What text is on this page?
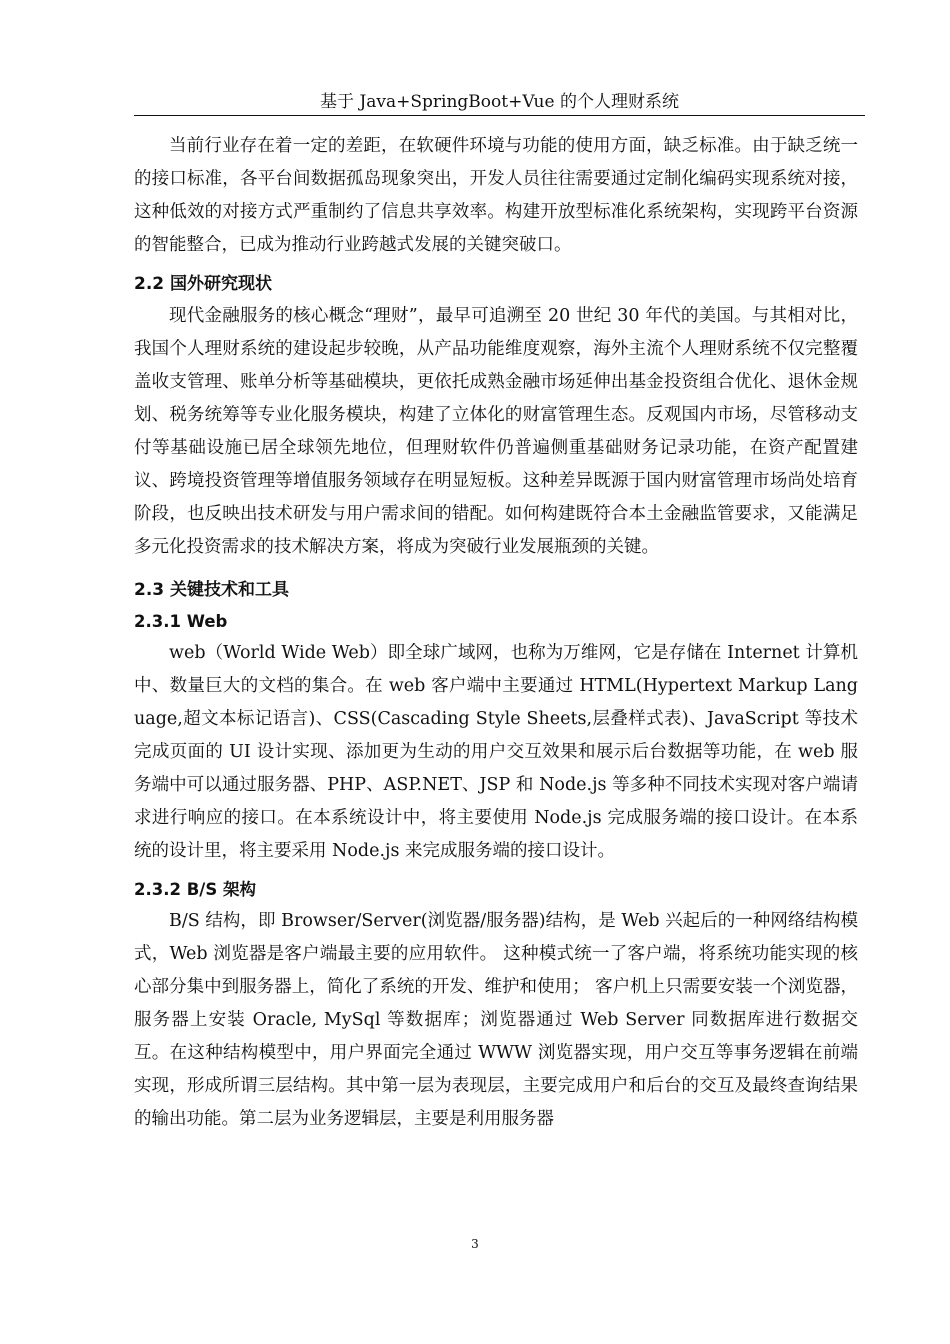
基于 Java+SpringBoot+Vue 的个人理财系统

当前行业存在着一定的差距，在软硬件环境与功能的使用方面，缺乏标准。由于缺乏统一的接口标准，各平台间数据孤岛现象突出，开发人员往往需要通过定制化编码实现系统对接，这种低效的对接方式严重制约了信息共享效率。构建开放型标准化系统架构，实现跨平台资源的智能整合，已成为推动行业跨越式发展的关键突破口。

2.2 国外研究现状

现代金融服务的核心概念“理财”，最早可追溯至 20 世纪 30 年代的美国。与其相对比，我国个人理财系统的建设起步较晚，从产品功能维度观察，海外主流个人理财系统不仅完整覆盖收支管理、账单分析等基础模块，更依托成熟金融市场延伸出基金投资组合优化、退休金规划、税务统筹等专业化服务模块，构建了立体化的财富管理生态。反观国内市场，尽管移动支付等基础设施已居全球领先地位，但理财软件仍普遍侧重基础财务记录功能，在资产配置建议、跨境投资管理等增值服务领域存在明显短板。这种差异既源于国内财富管理市场尚处培育阶段，也反映出技术研发与用户需求间的错配。如何构建既符合本土金融监管要求，又能满足多元化投资需求的技术解决方案，将成为突破行业发展瓶颈的关键。

2.3 关键技术和工具
2.3.1 Web

web（World Wide Web）即全球广域网，也称为万维网，它是存储在 Internet 计算机中、数量巨大的文档的集合。在 web 客户端中主要通过 HTML(Hypertext Markup Language,超文本标记语言)、CSS(Cascading Style Sheets,层叠样式表)、JavaScript 等技术完成页面的 UI 设计实现、添加更为生动的用户交互效果和展示后台数据等功能，在 web 服务端中可以通过服务器、PHP、ASP.NET、JSP 和 Node.js 等多种不同技术实现对客户端请求进行响应的接口。在本系统设计中，将主要使用 Node.js 完成服务端的接口设计。在本系统的设计里，将主要采用 Node.js 来完成服务端的接口设计。

2.3.2 B/S 架构

B/S 结构，即 Browser/Server(浏览器/服务器)结构，是 Web 兴起后的一种网络结构模式，Web 浏览器是客户端最主要的应用软件。 这种模式统一了客户端，将系统功能实现的核心部分集中到服务器上，简化了系统的开发、维护和使用； 客户机上只需要安装一个浏览器，服务器上安装 Oracle, MySql 等数据库；浏览器通过 Web Server 同数据库进行数据交互。在这种结构模型中，用户界面完全通过 WWW 浏览器实现，用户交互等事务逻辑在前端实现，形成所谓三层结构。其中第一层为表现层，主要完成用户和后台的交互及最终查询结果的输出功能。第二层为业务逻辑层，主要是利用服务器

3
